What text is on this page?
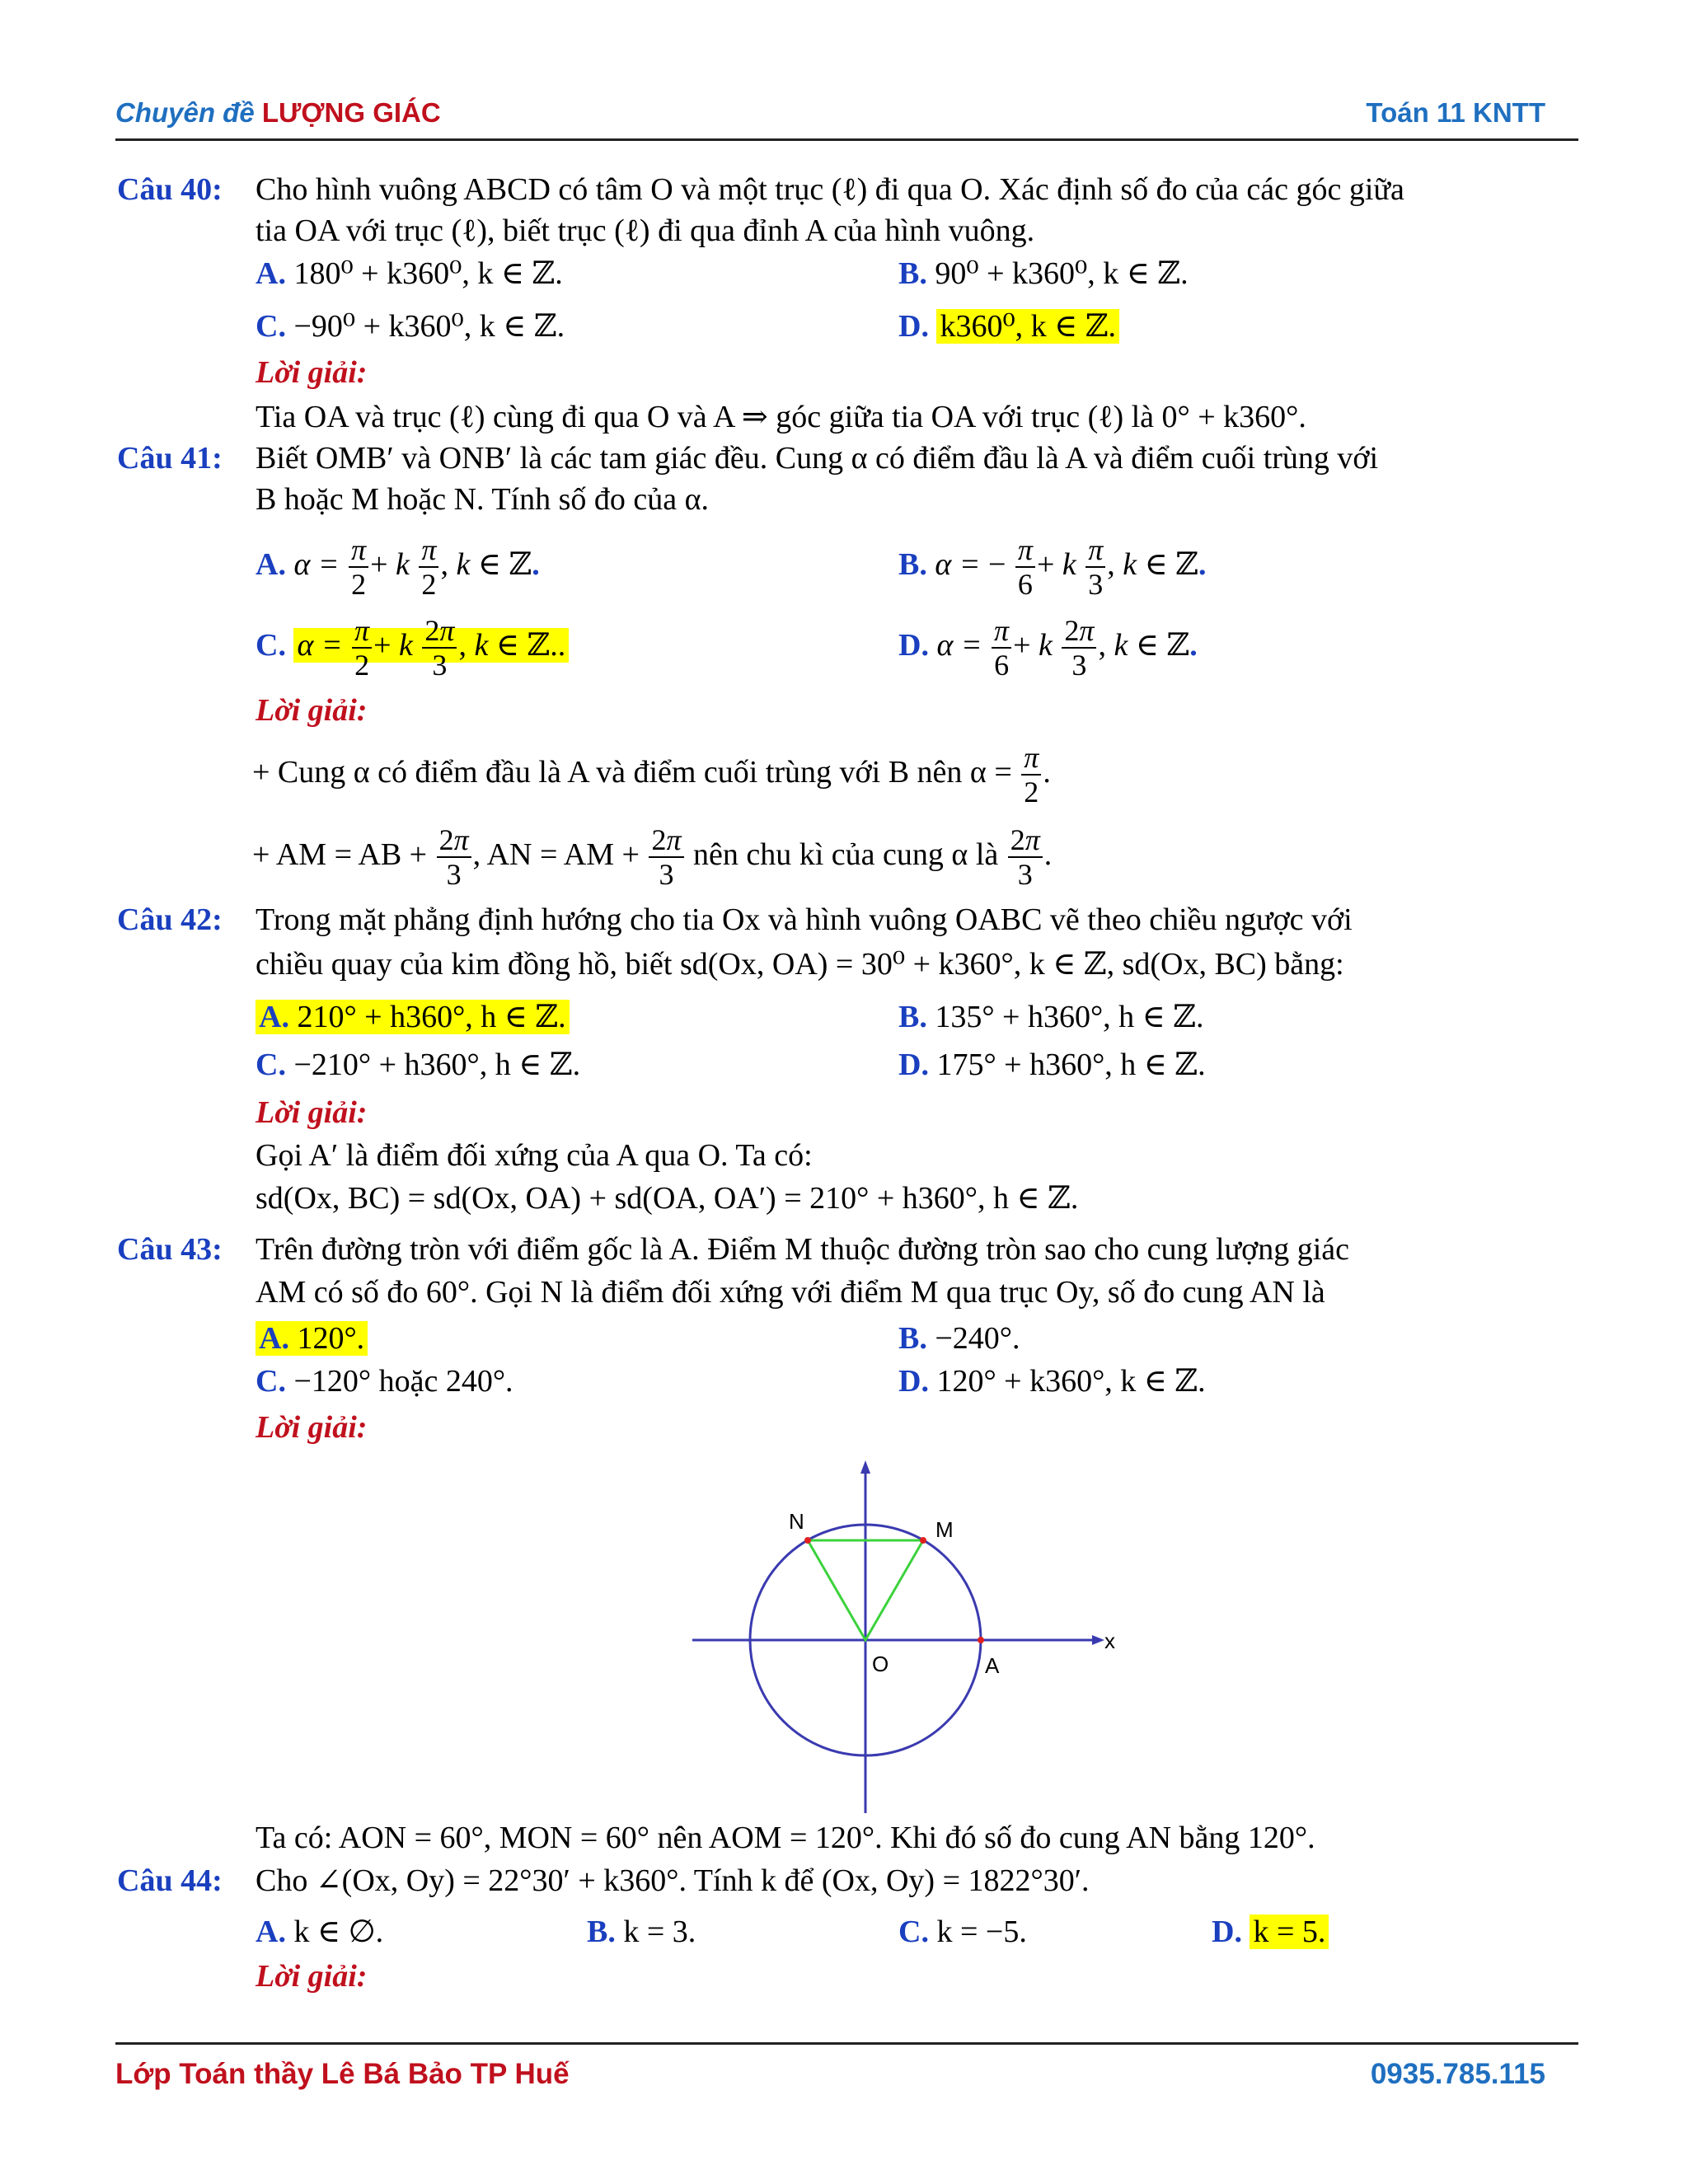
Chuyên đề LƯỢNG GIÁC	Toán 11 KNTT
Câu 40: Cho hình vuông ABCD có tâm O và một trục (ℓ) đi qua O. Xác định số đo của các góc giữa
tia OA với trục (ℓ), biết trục (ℓ) đi qua đỉnh A của hình vuông.
A. 180⁰ + k360⁰, k ∈ ℤ.	B. 90⁰ + k360⁰, k ∈ ℤ.
C. −90⁰ + k360⁰, k ∈ ℤ.	D. k360⁰, k ∈ ℤ.
Lời giải:
Tia OA và trục (ℓ) cùng đi qua O và A ⇒ góc giữa tia OA với trục (ℓ) là 0° + k360°.
Câu 41: Biết OMB′ và ONB′ là các tam giác đều. Cung α có điểm đầu là A và điểm cuối trùng với
B hoặc M hoặc N. Tính số đo của α.
A. $\alpha = \frac{\pi}{2} + k \frac{\pi}{2}$ , k ∈ ℤ.	B. α = − $\frac{\pi}{6} + k \frac{\pi}{3}$ , k ∈ ℤ.
C. $\alpha = \frac{\pi}{2} + k \frac{2\pi}{3}$ , k ∈ ℤ..	D. $\alpha = \frac{\pi}{6} + k \frac{2\pi}{3}$ , k ∈ ℤ.
Lời giải:
+ Cung α có điểm đầu là A và điểm cuối trùng với B nên $\alpha = \frac{\pi}{2}$ .
+ AM = AB + $\frac{2\pi}{3}$ , AN = AM + $\frac{2\pi}{3}$ nên chu kì của cung α là $\frac{2\pi}{3}$ .
Câu 42: Trong mặt phẳng định hướng cho tia Ox và hình vuông OABC vẽ theo chiều ngược với
chiều quay của kim đồng hồ, biết sd(Ox, OA) = 30⁰ + k360°, k ∈ ℤ, sd(Ox, BC) bằng:
A. 210° + h360°, h ∈ ℤ.	B. 135° + h360°, h ∈ ℤ.
C. −210° + h360°, h ∈ ℤ.	D. 175° + h360°, h ∈ ℤ.
Lời giải:
Gọi A′ là điểm đối xứng của A qua O. Ta có:
sd(Ox, BC) = sd(Ox, OA) + sd(OA, OA′) = 210° + h360°, h ∈ ℤ.
Câu 43: Trên đường tròn với điểm gốc là A. Điểm M thuộc đường tròn sao cho cung lượng giác
AM có số đo 60°. Gọi N là điểm đối xứng với điểm M qua trục Oy, số đo cung AN là
A. 120°.	B. −240°.
C. −120° hoặc 240°.	D. 120° + k360°, k ∈ ℤ.
Lời giải:
N	M
O	A
x
Ta có: AON = 60°, MON = 60° nên AOM = 120°. Khi đó số đo cung AN bằng 120°.
Câu 44: Cho ∠(Ox, Oy) = 22°30′ + k360°. Tính k để (Ox, Oy) = 1822°30′.
A. k ∈ ∅.	B. k = 3.	C. k = −5.	D. k = 5.
Lời giải:
Lớp Toán thầy Lê Bá Bảo TP Huế	0935.785.115
